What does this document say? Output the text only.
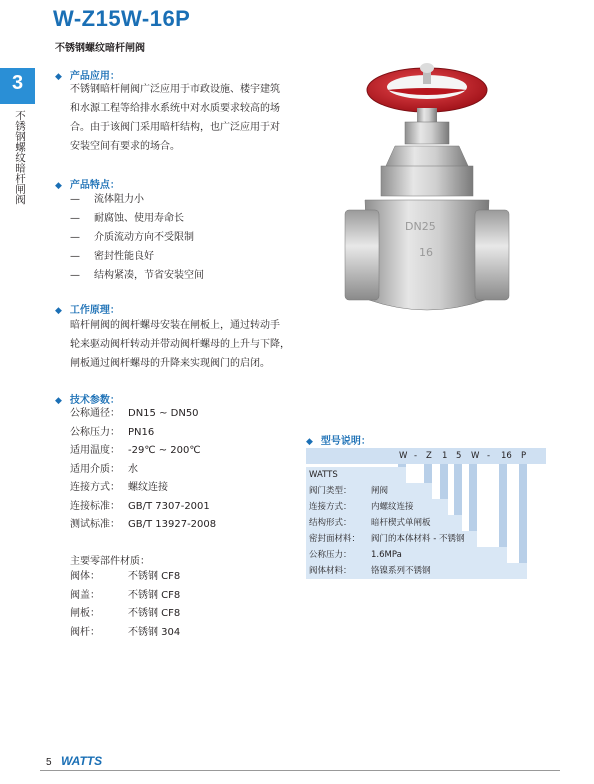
W-Z15W-16P
不锈钢螺纹暗杆闸阀
3
不锈钢螺纹暗杆闸阀
◆ 产品应用：
不锈钢暗杆闸阀广泛应用于市政设施、楼宇建筑
和水源工程等给排水系统中对水质要求较高的场
合。由于该阀门采用暗杆结构，也广泛应用于对
安装空间有要求的场合。
◆ 产品特点：
— 流体阻力小
— 耐腐蚀、使用寿命长
— 介质流动方向不受限制
— 密封性能良好
— 结构紧凑，节省安装空间
◆ 工作原理：
暗杆闸阀的阀杆螺母安装在闸板上，通过转动手
轮来驱动阀杆转动并带动阀杆螺母的上升与下降，
闸板通过阀杆螺母的升降来实现阀门的启闭。
◆ 技术参数：
公称通径： DN15 ~ DN50
公称压力： PN16
适用温度： -29℃ ~ 200℃
适用介质： 水
连接方式： 螺纹连接
连接标准： GB/T 7307-2001
测试标准： GB/T 13927-2008
主要零部件材质：
阀体：	不锈钢 CF8
阀盖：	不锈钢 CF8
闸板：	不锈钢 CF8
阀杆：	不锈钢 304
DN25
16
◆ 型号说明：
W - Z 1 5 W - 16 P
WATTS
阀门类型： 闸阀
连接方式： 内螺纹连接
结构形式： 暗杆楔式单闸板
密封面材料： 阀门的本体材料 - 不锈钢
公称压力： 1.6MPa
阀体材料： 铬镍系列不锈钢
5 WATTS
